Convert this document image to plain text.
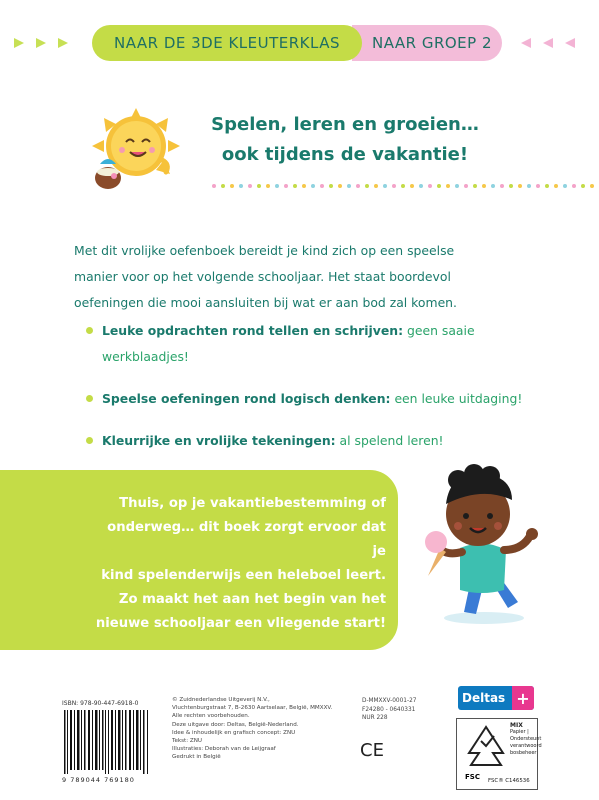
NAAR DE 3DE KLEUTERKLAS NAAR GROEP 2
Spelen, leren en groeien…
ook tijdens de vakantie!
Met dit vrolijke oefenboek bereidt je kind zich op een speelse
manier voor op het volgende schooljaar. Het staat boordevol
oefeningen die mooi aansluiten bij wat er aan bod zal komen.
Leuke opdrachten rond tellen en schrijven: geen saaie werkblaadjes!
Speelse oefeningen rond logisch denken: een leuke uitdaging!
Kleurrijke en vrolijke tekeningen: al spelend leren!
Thuis, op je vakantiebestemming of
onderweg… dit boek zorgt ervoor dat je
kind spelenderwijs een heleboel leert.
Zo maakt het aan het begin van het
nieuwe schooljaar een vliegende start!
ISBN: 978-90-447-6918-0
9 789044 769180
© Zuidnederlandse Uitgeverij N.V.,
Vluchtenburgstraat 7, B-2630 Aartselaar, België, MMXXV.
Alle rechten voorbehouden.
Deze uitgave door: Deltas, België-Nederland.
Idee & inhoudelijk en grafisch concept: ZNU
Tekst: ZNU
Illustraties: Deborah van de Leijgraaf
Gedrukt in België
D-MMXXV-0001-27
F24280 - 0640331
NUR 228
Deltas +
CE
FSC
MIX
Papier | Ondersteunt verantwoord bosbeheer
FSC® C146536
